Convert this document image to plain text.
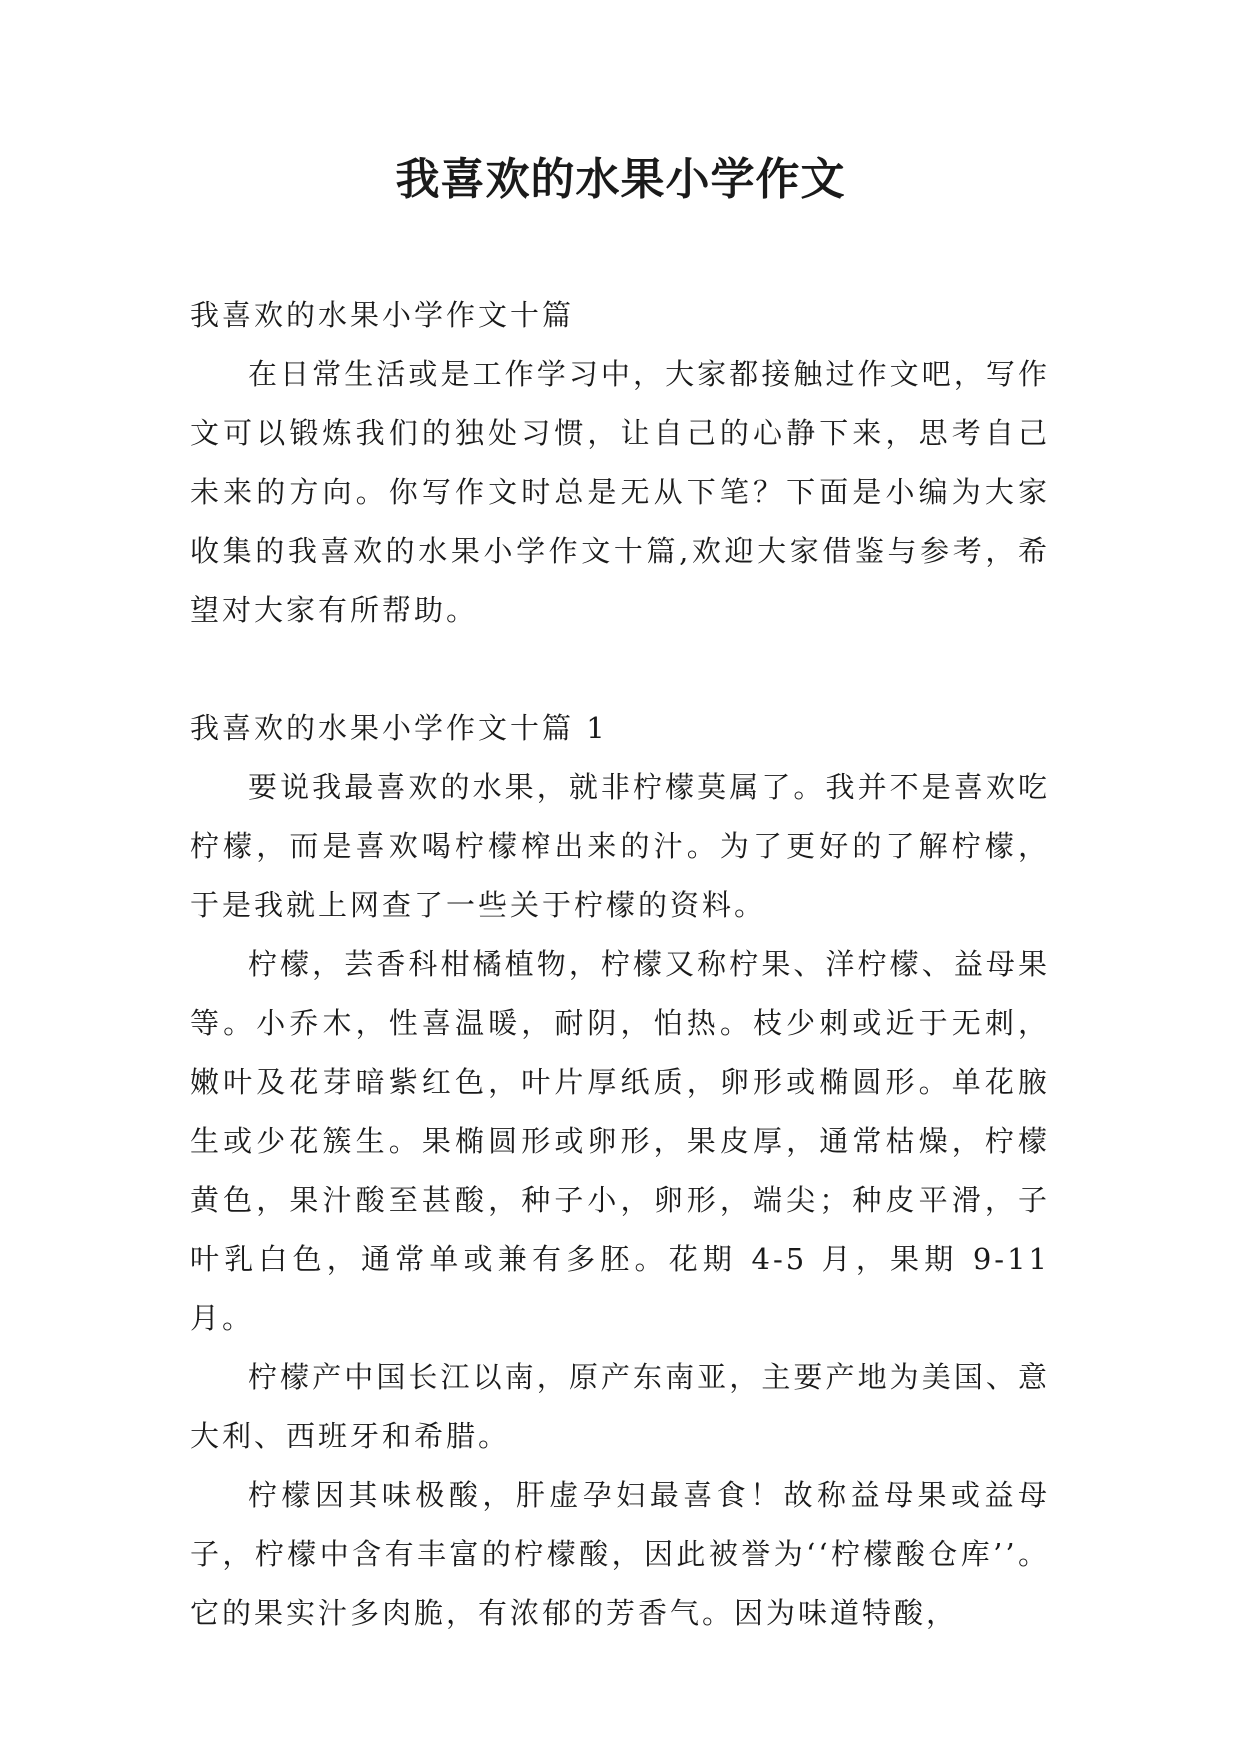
我喜欢的水果小学作文

我喜欢的水果小学作文十篇

在日常生活或是工作学习中，大家都接触过作文吧，写作文可以锻炼我们的独处习惯，让自己的心静下来，思考自己未来的方向。你写作文时总是无从下笔？下面是小编为大家收集的我喜欢的水果小学作文十篇,欢迎大家借鉴与参考，希望对大家有所帮助。

我喜欢的水果小学作文十篇 1

要说我最喜欢的水果，就非柠檬莫属了。我并不是喜欢吃柠檬，而是喜欢喝柠檬榨出来的汁。为了更好的了解柠檬，于是我就上网查了一些关于柠檬的资料。

柠檬，芸香科柑橘植物，柠檬又称柠果、洋柠檬、益母果等。小乔木，性喜温暖，耐阴，怕热。枝少刺或近于无刺，嫩叶及花芽暗紫红色，叶片厚纸质，卵形或椭圆形。单花腋生或少花簇生。果椭圆形或卵形，果皮厚，通常枯燥，柠檬黄色，果汁酸至甚酸，种子小，卵形，端尖；种皮平滑，子叶乳白色，通常单或兼有多胚。花期 4-5 月，果期 9-11 月。

柠檬产中国长江以南，原产东南亚，主要产地为美国、意大利、西班牙和希腊。

柠檬因其味极酸，肝虚孕妇最喜食！故称益母果或益母子，柠檬中含有丰富的柠檬酸，因此被誉为‘‘柠檬酸仓库’’。它的果实汁多肉脆，有浓郁的芳香气。因为味道特酸，
